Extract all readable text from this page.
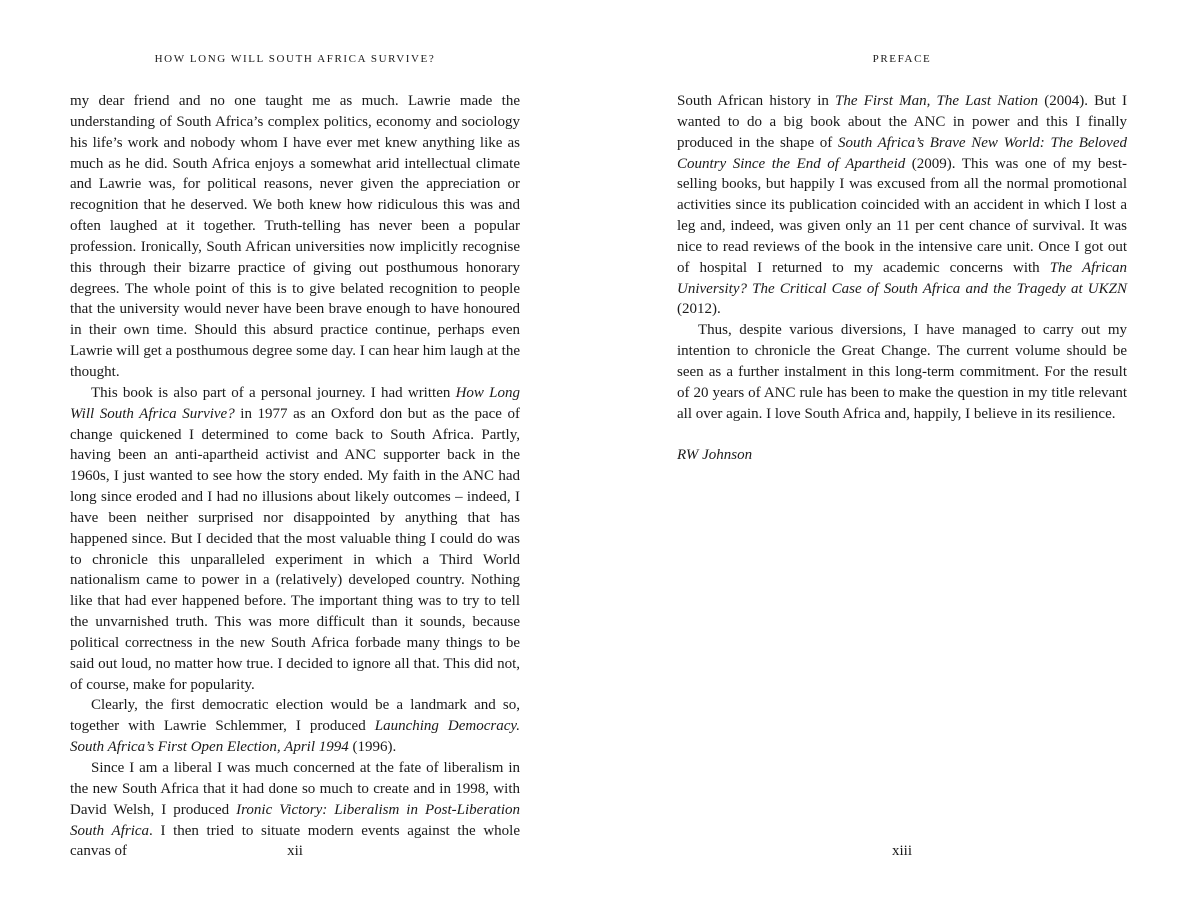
HOW LONG WILL SOUTH AFRICA SURVIVE?

my dear friend and no one taught me as much. Lawrie made the understanding of South Africa’s complex politics, economy and sociology his life’s work and nobody whom I have ever met knew anything like as much as he did. South Africa enjoys a somewhat arid intellectual climate and Lawrie was, for political reasons, never given the appreciation or recognition that he deserved. We both knew how ridiculous this was and often laughed at it together. Truth-telling has never been a popular profession. Ironically, South African universities now implicitly recognise this through their bizarre practice of giving out posthumous honorary degrees. The whole point of this is to give belated recognition to people that the university would never have been brave enough to have honoured in their own time. Should this absurd practice continue, perhaps even Lawrie will get a posthumous degree some day. I can hear him laugh at the thought.

This book is also part of a personal journey. I had written How Long Will South Africa Survive? in 1977 as an Oxford don but as the pace of change quickened I determined to come back to South Africa. Partly, having been an anti-apartheid activist and ANC supporter back in the 1960s, I just wanted to see how the story ended. My faith in the ANC had long since eroded and I had no illusions about likely outcomes – indeed, I have been neither surprised nor disappointed by anything that has happened since. But I decided that the most valuable thing I could do was to chronicle this unparalleled experiment in which a Third World nationalism came to power in a (relatively) developed country. Nothing like that had ever happened before. The important thing was to try to tell the unvarnished truth. This was more difficult than it sounds, because political correctness in the new South Africa forbade many things to be said out loud, no matter how true. I decided to ignore all that. This did not, of course, make for popularity.

Clearly, the first democratic election would be a landmark and so, together with Lawrie Schlemmer, I produced Launching Democracy. South Africa’s First Open Election, April 1994 (1996).

Since I am a liberal I was much concerned at the fate of liberalism in the new South Africa that it had done so much to create and in 1998, with David Welsh, I produced Ironic Victory: Liberalism in Post-Liberation South Africa. I then tried to situate modern events against the whole canvas of	xii
PREFACE

South African history in The First Man, The Last Nation (2004). But I wanted to do a big book about the ANC in power and this I finally produced in the shape of South Africa’s Brave New World: The Beloved Country Since the End of Apartheid (2009). This was one of my best-selling books, but happily I was excused from all the normal promotional activities since its publication coincided with an accident in which I lost a leg and, indeed, was given only an 11 per cent chance of survival. It was nice to read reviews of the book in the intensive care unit. Once I got out of hospital I returned to my academic concerns with The African University? The Critical Case of South Africa and the Tragedy at UKZN (2012).

Thus, despite various diversions, I have managed to carry out my intention to chronicle the Great Change. The current volume should be seen as a further instalment in this long-term commitment. For the result of 20 years of ANC rule has been to make the question in my title relevant all over again. I love South Africa and, happily, I believe in its resilience.

RW Johnson

xiii
